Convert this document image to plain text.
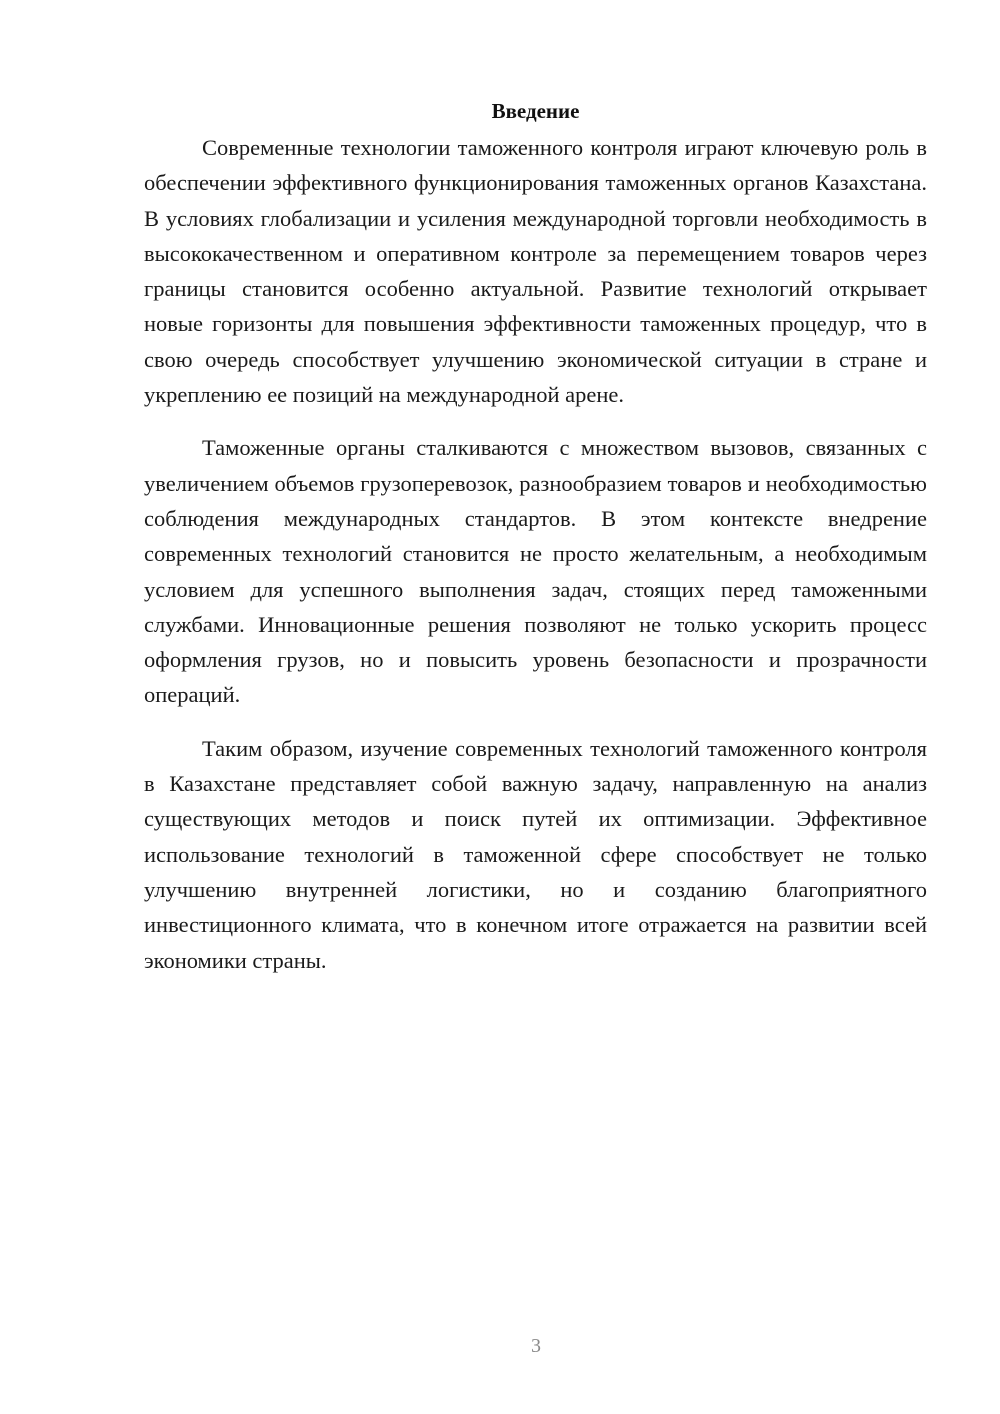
Введение

Современные технологии таможенного контроля играют ключевую роль в обеспечении эффективного функционирования таможенных органов Казахстана. В условиях глобализации и усиления международной торговли необходимость в высококачественном и оперативном контроле за перемещением товаров через границы становится особенно актуальной. Развитие технологий открывает новые горизонты для повышения эффективности таможенных процедур, что в свою очередь способствует улучшению экономической ситуации в стране и укреплению ее позиций на международной арене.

Таможенные органы сталкиваются с множеством вызовов, связанных с увеличением объемов грузоперевозок, разнообразием товаров и необходимостью соблюдения международных стандартов. В этом контексте внедрение современных технологий становится не просто желательным, а необходимым условием для успешного выполнения задач, стоящих перед таможенными службами. Инновационные решения позволяют не только ускорить процесс оформления грузов, но и повысить уровень безопасности и прозрачности операций.

Таким образом, изучение современных технологий таможенного контроля в Казахстане представляет собой важную задачу, направленную на анализ существующих методов и поиск путей их оптимизации. Эффективное использование технологий в таможенной сфере способствует не только улучшению внутренней логистики, но и созданию благоприятного инвестиционного климата, что в конечном итоге отражается на развитии всей экономики страны.

3
